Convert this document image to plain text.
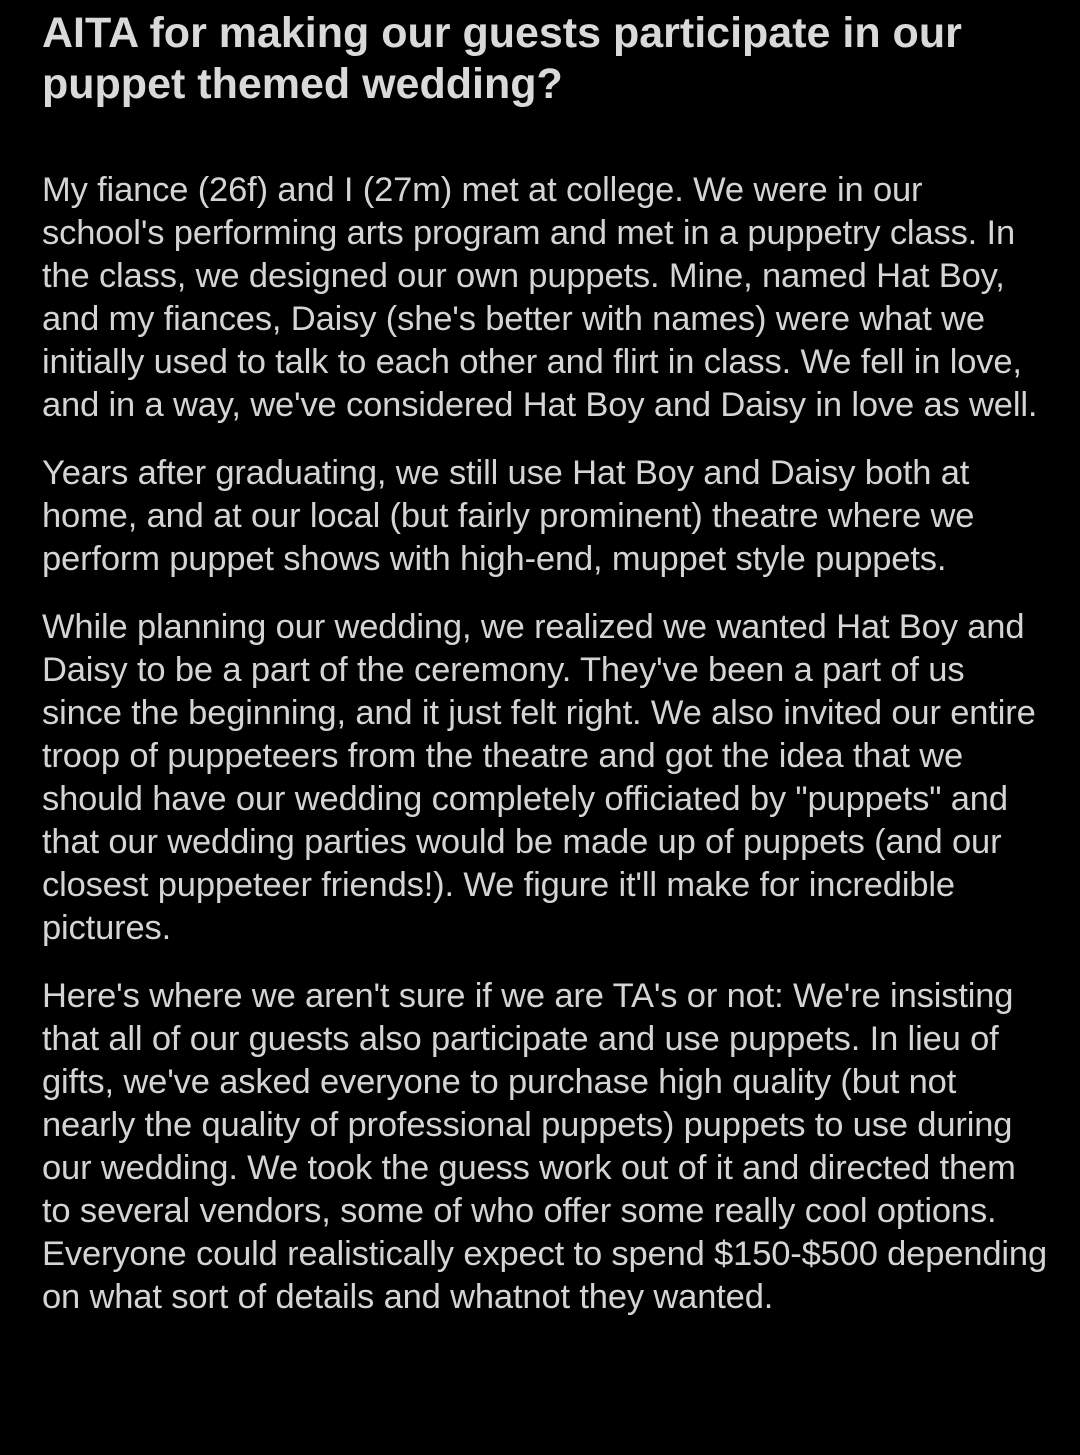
AITA for making our guests participate in our puppet themed wedding?

My fiance (26f) and I (27m) met at college. We were in our school's performing arts program and met in a puppetry class. In the class, we designed our own puppets. Mine, named Hat Boy, and my fiances, Daisy (she's better with names) were what we initially used to talk to each other and flirt in class. We fell in love, and in a way, we've considered Hat Boy and Daisy in love as well.

Years after graduating, we still use Hat Boy and Daisy both at home, and at our local (but fairly prominent) theatre where we perform puppet shows with high-end, muppet style puppets.

While planning our wedding, we realized we wanted Hat Boy and Daisy to be a part of the ceremony. They've been a part of us since the beginning, and it just felt right. We also invited our entire troop of puppeteers from the theatre and got the idea that we should have our wedding completely officiated by "puppets" and that our wedding parties would be made up of puppets (and our closest puppeteer friends!). We figure it'll make for incredible pictures.

Here's where we aren't sure if we are TA's or not: We're insisting that all of our guests also participate and use puppets. In lieu of gifts, we've asked everyone to purchase high quality (but not nearly the quality of professional puppets) puppets to use during our wedding. We took the guess work out of it and directed them to several vendors, some of who offer some really cool options. Everyone could realistically expect to spend $150-$500 depending on what sort of details and whatnot they wanted.
